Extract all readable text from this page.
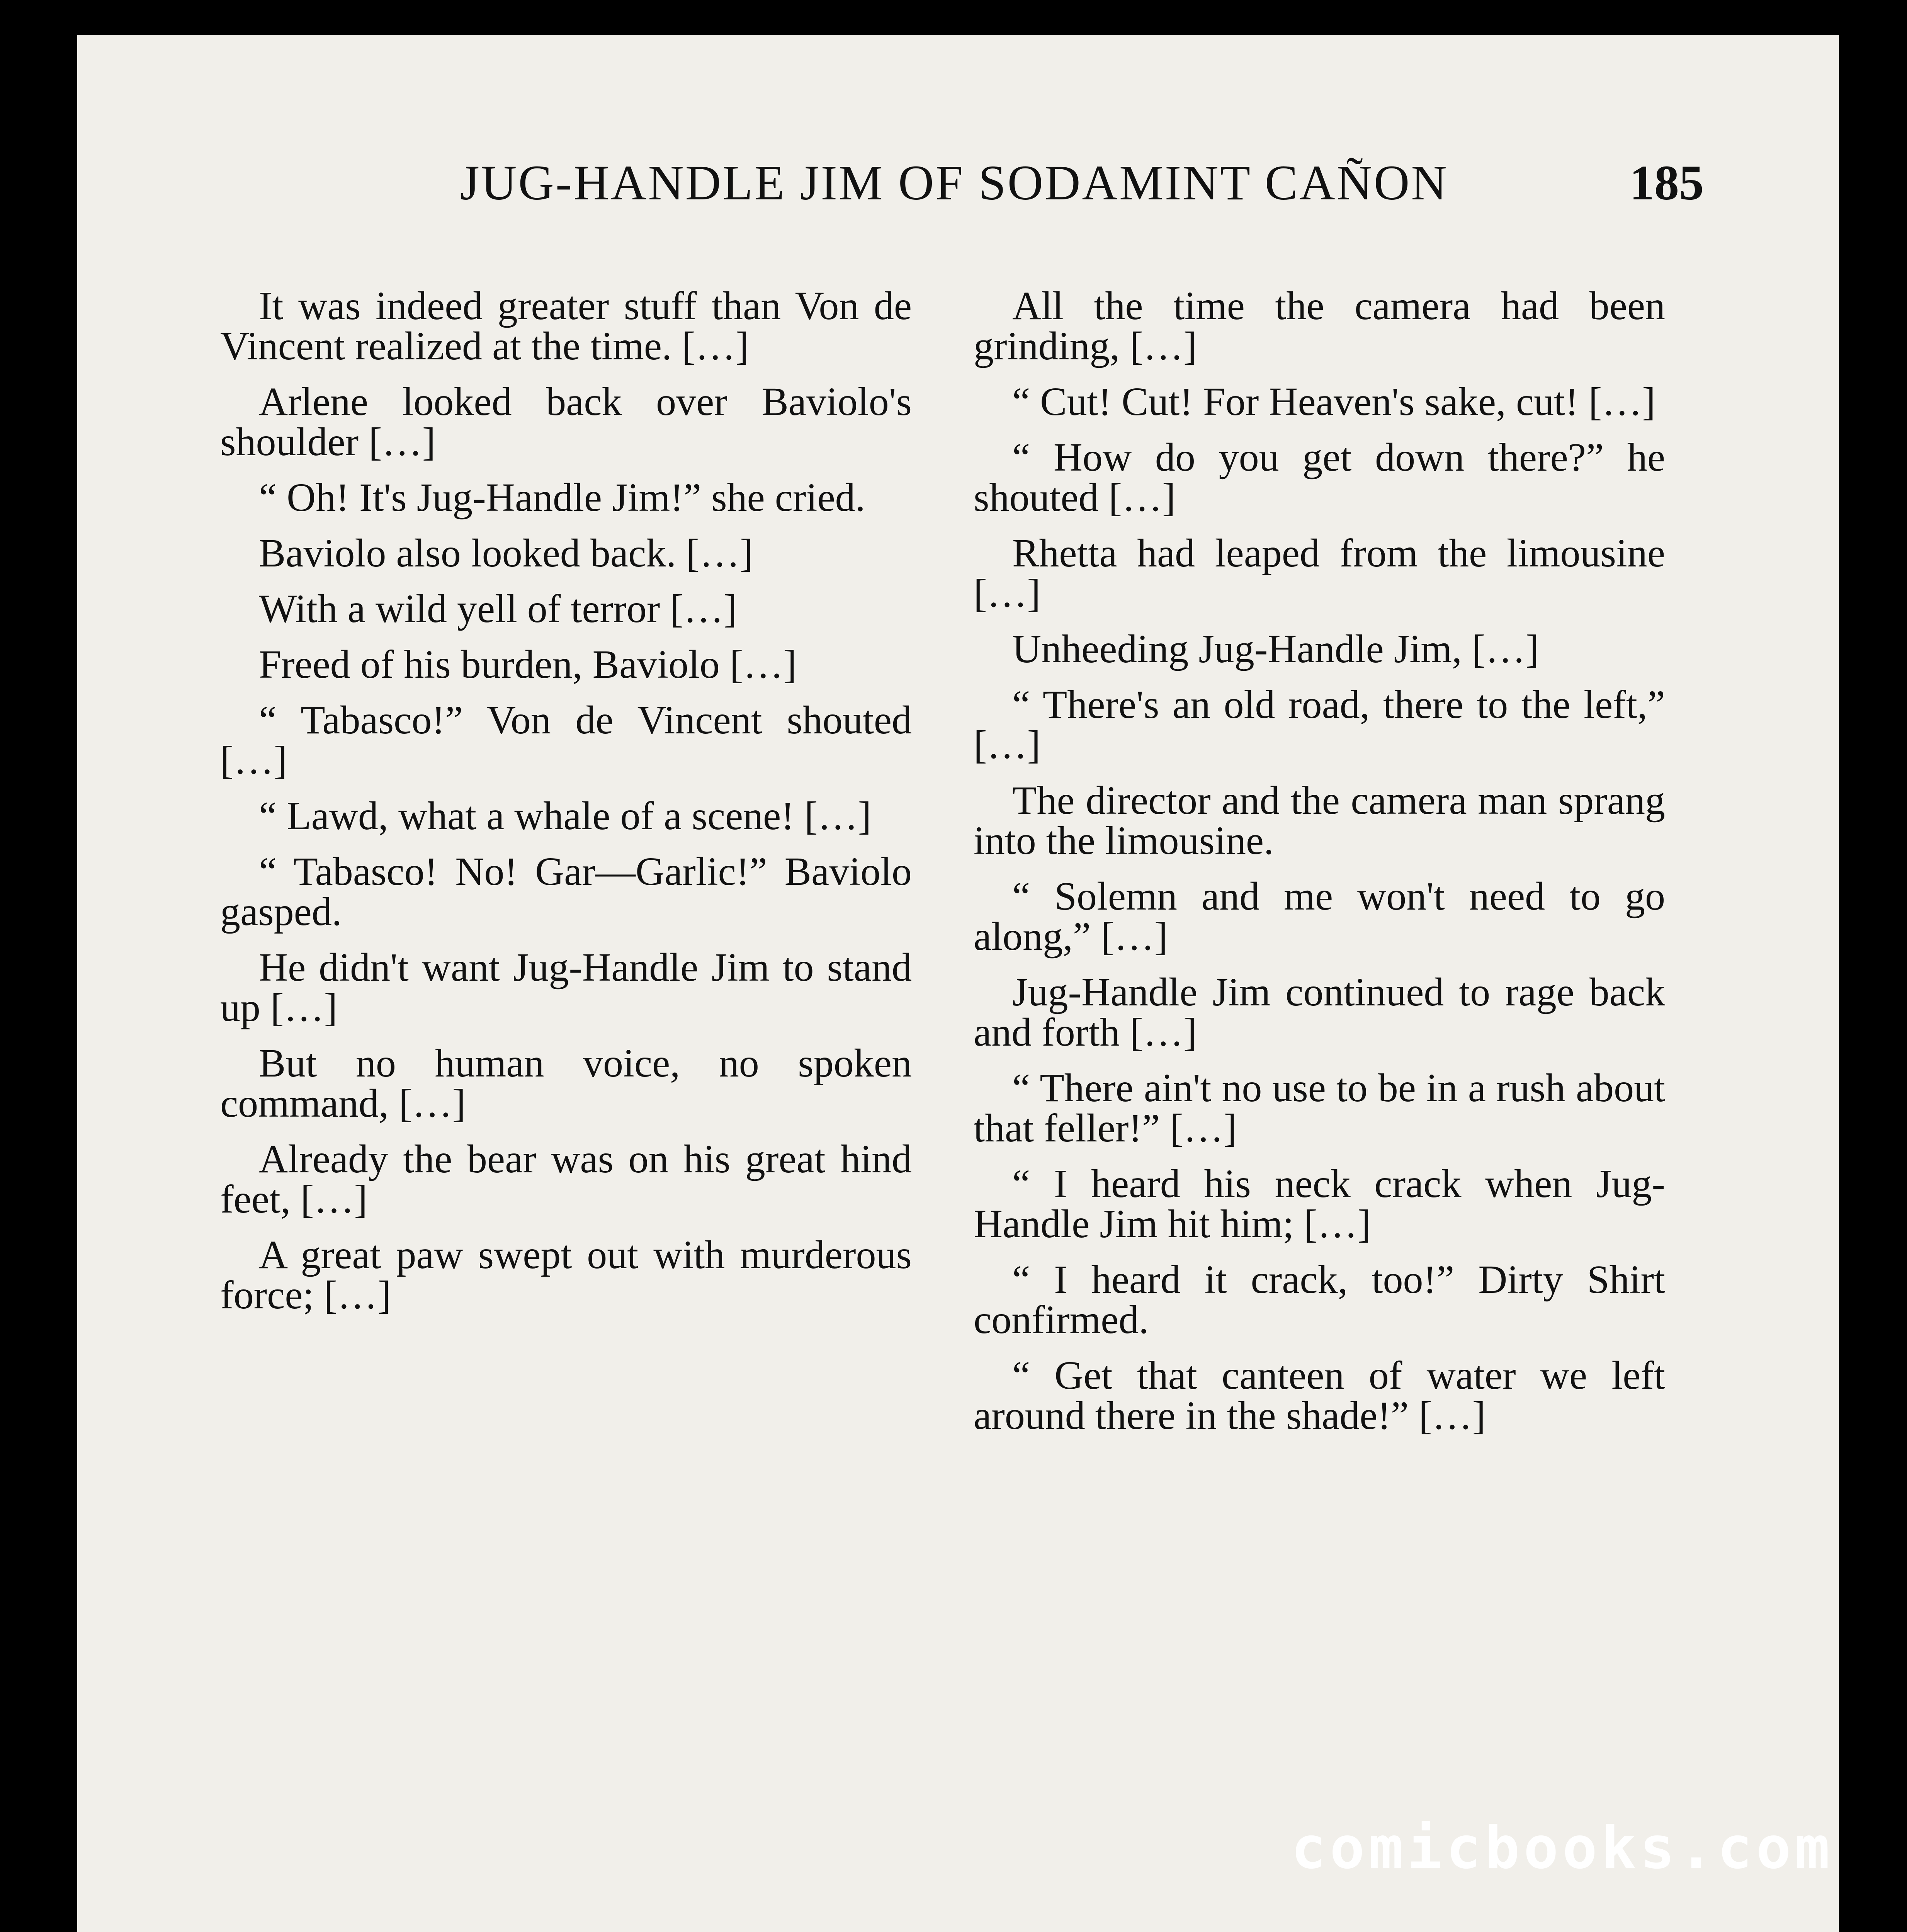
JUG-HANDLE JIM OF SODAMINT CAÑON	185

It was indeed greater stuff than Von de Vincent realized at the time. […]

Arlene looked back over Baviolo's shoulder […]

“ Oh! It's Jug-Handle Jim!” she cried.

Baviolo also looked back. […]

With a wild yell of terror […]

Freed of his burden, Baviolo […]

“ Tabasco!” Von de Vincent shouted […]

“ Lawd, what a whale of a scene! […]

“ Tabasco! No! Gar—Garlic!” Baviolo gasped.

He didn't want Jug-Handle Jim to stand up […]

But no human voice, no spoken command, […]

Already the bear was on his great hind feet, […]

A great paw swept out with murderous force; […]

All the time the camera had been grinding, […]

“ Cut! Cut! For Heaven's sake, cut! […]

“ How do you get down there?” he shouted […]

Rhetta had leaped from the limousine […]

Unheeding Jug-Handle Jim, […]

“ There's an old road, there to the left,” […]

The director and the camera man sprang into the limousine.

“ Solemn and me won't need to go along,” […]

Jug-Handle Jim continued to rage back and forth […]

“ There ain't no use to be in a rush about that feller!” […]

“ I heard his neck crack when Jug-Handle Jim hit him; […]

“ I heard it crack, too!” Dirty Shirt confirmed.

“ Get that canteen of water we left around there in the shade!” […]

comicbooks.com
